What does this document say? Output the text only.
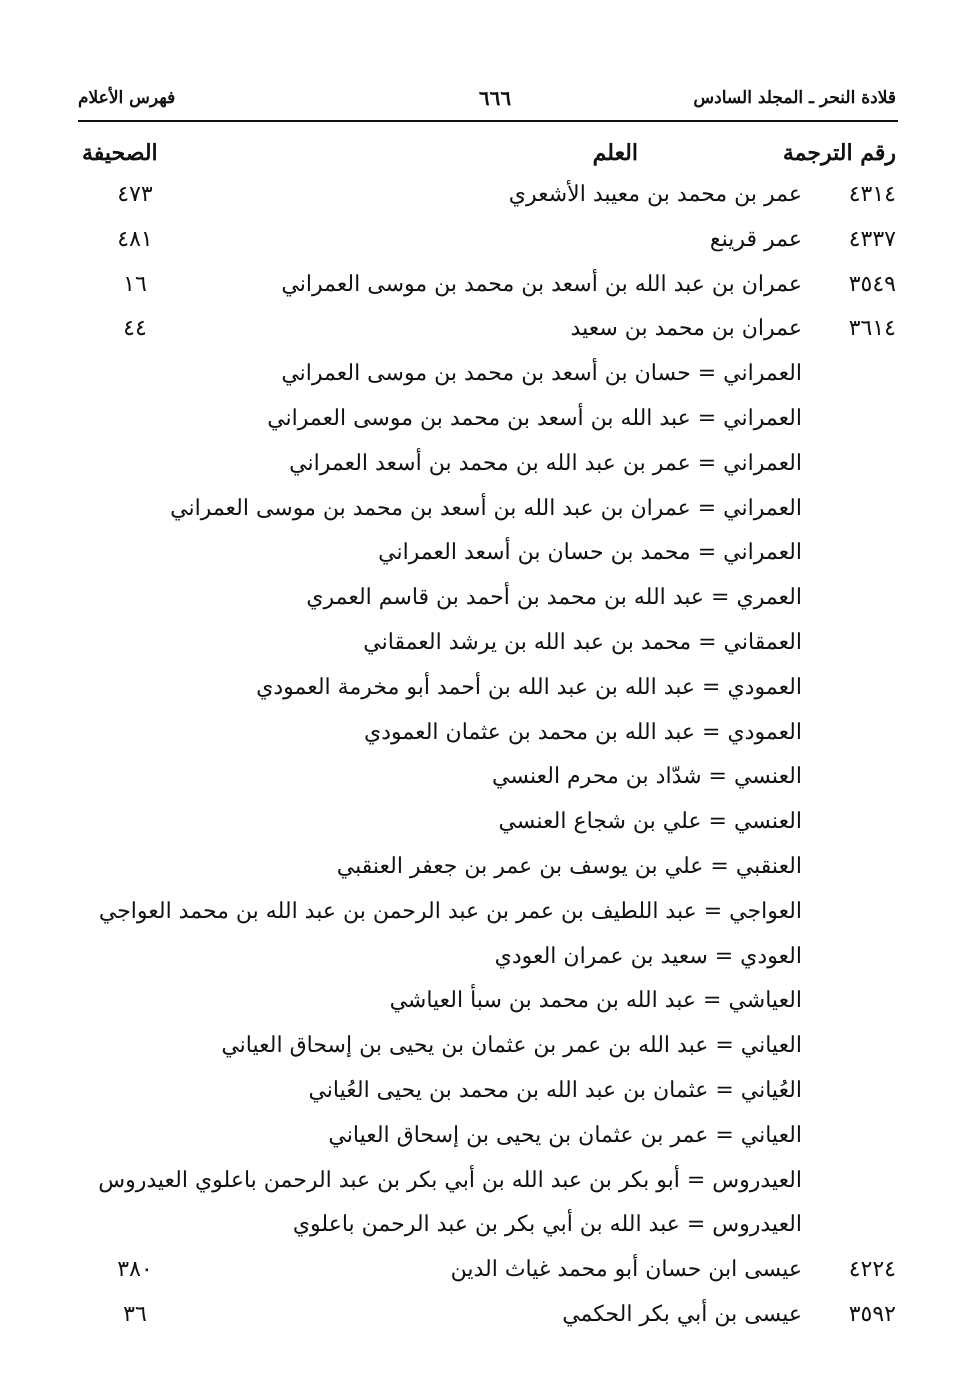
قلادة النحر ـ المجلد السادس
٦٦٦
فهرس الأعلام
رقم الترجمة
العلم
الصحيفة
٤٣١٤
عمر بن محمد بن معيبد الأشعري
٤٧٣
٤٣٣٧
عمر قرينع
٤٨١
٣٥٤٩
عمران بن عبد الله بن أسعد بن محمد بن موسى العمراني
١٦
٣٦١٤
عمران بن محمد بن سعيد
٤٤
العمراني = حسان بن أسعد بن محمد بن موسى العمراني
العمراني = عبد الله بن أسعد بن محمد بن موسى العمراني
العمراني = عمر بن عبد الله بن محمد بن أسعد العمراني
العمراني = عمران بن عبد الله بن أسعد بن محمد بن موسى العمراني
العمراني = محمد بن حسان بن أسعد العمراني
العمري = عبد الله بن محمد بن أحمد بن قاسم العمري
العمقاني = محمد بن عبد الله بن يرشد العمقاني
العمودي = عبد الله بن عبد الله بن أحمد أبو مخرمة العمودي
العمودي = عبد الله بن محمد بن عثمان العمودي
العنسي = شدّاد بن محرم العنسي
العنسي = علي بن شجاع العنسي
العنقبي = علي بن يوسف بن عمر بن جعفر العنقبي
العواجي = عبد اللطيف بن عمر بن عبد الرحمن بن عبد الله بن محمد العواجي
العودي = سعيد بن عمران العودي
العياشي = عبد الله بن محمد بن سبأ العياشي
العياني = عبد الله بن عمر بن عثمان بن يحيى بن إسحاق العياني
العُياني = عثمان بن عبد الله بن محمد بن يحيى العُياني
العياني = عمر بن عثمان بن يحيى بن إسحاق العياني
العيدروس = أبو بكر بن عبد الله بن أبي بكر بن عبد الرحمن باعلوي العيدروس
العيدروس = عبد الله بن أبي بكر بن عبد الرحمن باعلوي
٤٢٢٤
عيسى ابن حسان أبو محمد غياث الدين
٣٨٠
٣٥٩٢
عيسى بن أبي بكر الحكمي
٣٦
